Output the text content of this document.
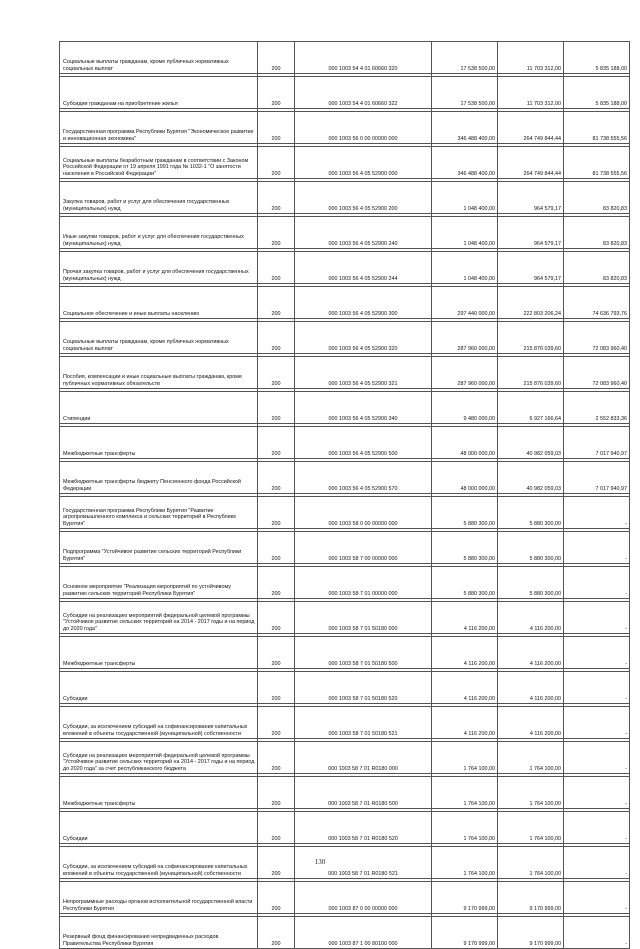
Социальные выплаты гражданам, кроме публичных нормативных социальных выплат	200	000 1003 54 4 01 60660 320	17 538 500,00	11 703 312,00	5 835 188,00

Субсидии гражданам на приобретение жилья	200	000 1003 54 4 01 60660 322	17 538 500,00	11 703 312,00	5 835 188,00

Государственная программа Республики Бурятия "Экономическое развитие и инновационная экономика"	200	000 1003 56 0 00 00000 000	346 488 400,00	264 749 844,44	81 738 555,56

Социальные выплаты безработным гражданам в соответствии с Законом Российской Федерации от 19 апреля 1991 года № 1032-1 "О занятости населения в Российской Федерации"	200	000 1003 56 4 05 52900 000	346 488 400,00	264 749 844,44	81 738 555,56

Закупка товаров, работ и услуг для обеспечения государственных (муниципальных) нужд	200	000 1003 56 4 05 52900 200	1 048 400,00	964 579,17	83 820,83

Иные закупки товаров, работ и услуг для обеспечения государственных (муниципальных) нужд	200	000 1003 56 4 05 52900 240	1 048 400,00	964 579,17	83 820,83

Прочая закупка товаров, работ и услуг для обеспечения государственных (муниципальных) нужд	200	000 1003 56 4 05 52900 244	1 048 400,00	964 579,17	83 820,83

Социальное обеспечение и иные выплаты населению	200	000 1003 56 4 05 52900 300	297 440 000,00	222 803 206,24	74 636 793,76

Социальные выплаты гражданам, кроме публичных нормативных социальных выплат	200	000 1003 56 4 05 52900 320	287 960 000,00	215 876 039,60	72 083 960,40

Пособия, компенсации и иные социальные выплаты гражданам, кроме публичных нормативных обязательств	200	000 1003 56 4 05 52900 321	287 960 000,00	215 876 039,60	72 083 960,40

Стипендии	200	000 1003 56 4 05 52900 340	9 480 000,00	6 927 166,64	2 552 833,36

Межбюджетные трансферты	200	000 1003 56 4 05 52900 500	48 000 000,00	40 982 059,03	7 017 940,97

Межбюджетные трансферты бюджету Пенсионного фонда Российской Федерации	200	000 1003 56 4 05 52900 570	48 000 000,00	40 982 059,03	7 017 940,97

Государственная программа Республики Бурятия "Развитие агропромышленного комплекса и сельских территорий в Республике Бурятия"	200	000 1003 58 0 00 00000 000	5 880 300,00	5 880 300,00	-

Подпрограмма "Устойчивое развитие сельских территорий Республики Бурятия"	200	000 1003 58 7 00 00000 000	5 880 300,00	5 880 300,00	-

Основное мероприятие "Реализация мероприятий по устойчивому развитию сельских территорий Республики Бурятия"	200	000 1003 58 7 01 00000 000	5 880 300,00	5 880 300,00	-

Субсидии на реализацию мероприятий федеральной целевой программы "Устойчивое развитие сельских территорий на 2014 - 2017 годы и на период до 2020 года"	200	000 1003 58 7 01 50180 000	4 116 200,00	4 116 200,00	-

Межбюджетные трансферты	200	000 1003 58 7 01 50180 500	4 116 200,00	4 116 200,00	-

Субсидии	200	000 1003 58 7 01 50180 520	4 116 200,00	4 116 200,00	-

Субсидии, за исключением субсидий на софинансирование капитальных вложений в объекты государственной (муниципальной) собственности	200	000 1003 58 7 01 50180 521	4 116 200,00	4 116 200,00	-

Субсидии на реализацию мероприятий федеральной целевой программы "Устойчивое развитие сельских территорий на 2014 - 2017 годы и на период до 2020 года" за счет республиканского бюджета	200	000 1003 58 7 01 R0180 000	1 764 100,00	1 764 100,00	-

Межбюджетные трансферты	200	000 1003 58 7 01 R0180 500	1 764 100,00	1 764 100,00	-

Субсидии	200	000 1003 58 7 01 R0180 520	1 764 100,00	1 764 100,00	-

Субсидии, за исключением субсидий на софинансирование капитальных вложений в объекты государственной (муниципальной) собственности	200	000 1003 58 7 01 R0180 521	1 764 100,00	1 764 100,00	-

Непрограммные расходы органов исполнительной государственной власти Республики Бурятия	200	000 1003 87 0 00 00000 000	9 170 999,00	9 170 999,00	-

Резервный фонд финансирования непредвиденных расходов Правительства Республики Бурятия	200	000 1003 87 1 00 80100 000	9 170 999,00	9 170 999,00	-
130
